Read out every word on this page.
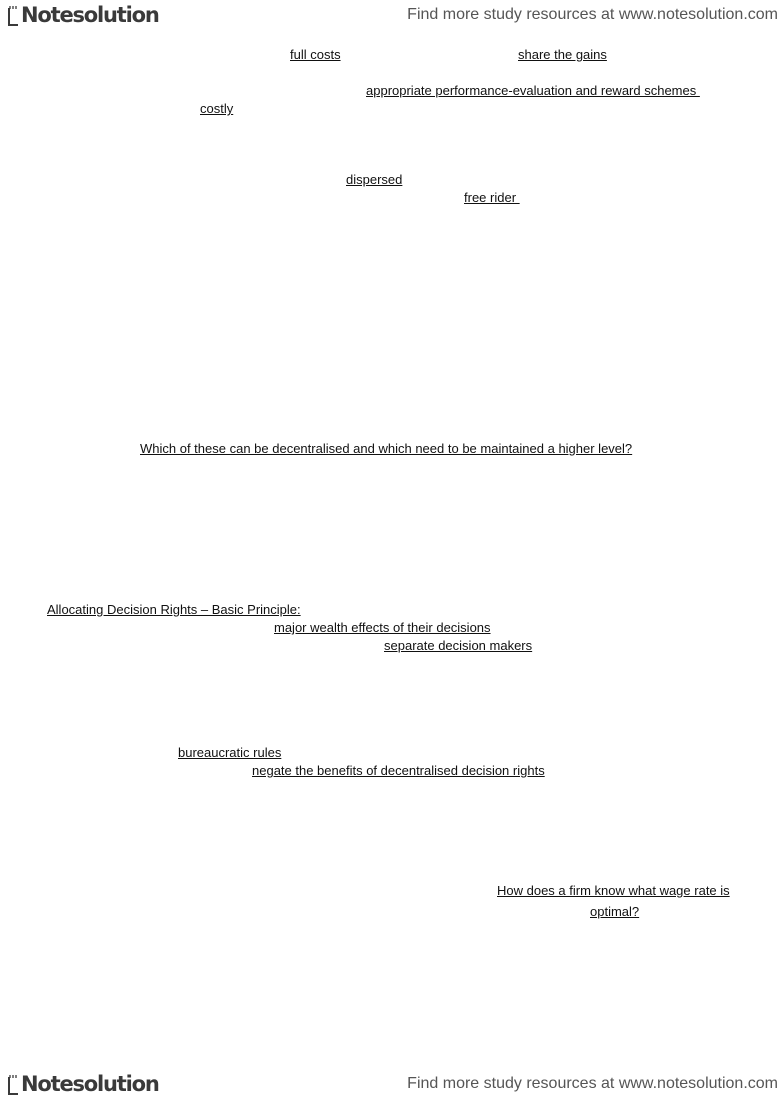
Notesolution	Find more study resources at www.notesolution.com
full costs	share the gains
appropriate performance-evaluation and reward schemes
costly
dispersed
free rider
Which of these can be decentralised and which need to be maintained a higher level?
Allocating Decision Rights – Basic Principle:
major wealth effects of their decisions
separate decision makers
bureaucratic rules
negate the benefits of decentralised decision rights
How does a firm know what wage rate is
optimal?
Notesolution	Find more study resources at www.notesolution.com
